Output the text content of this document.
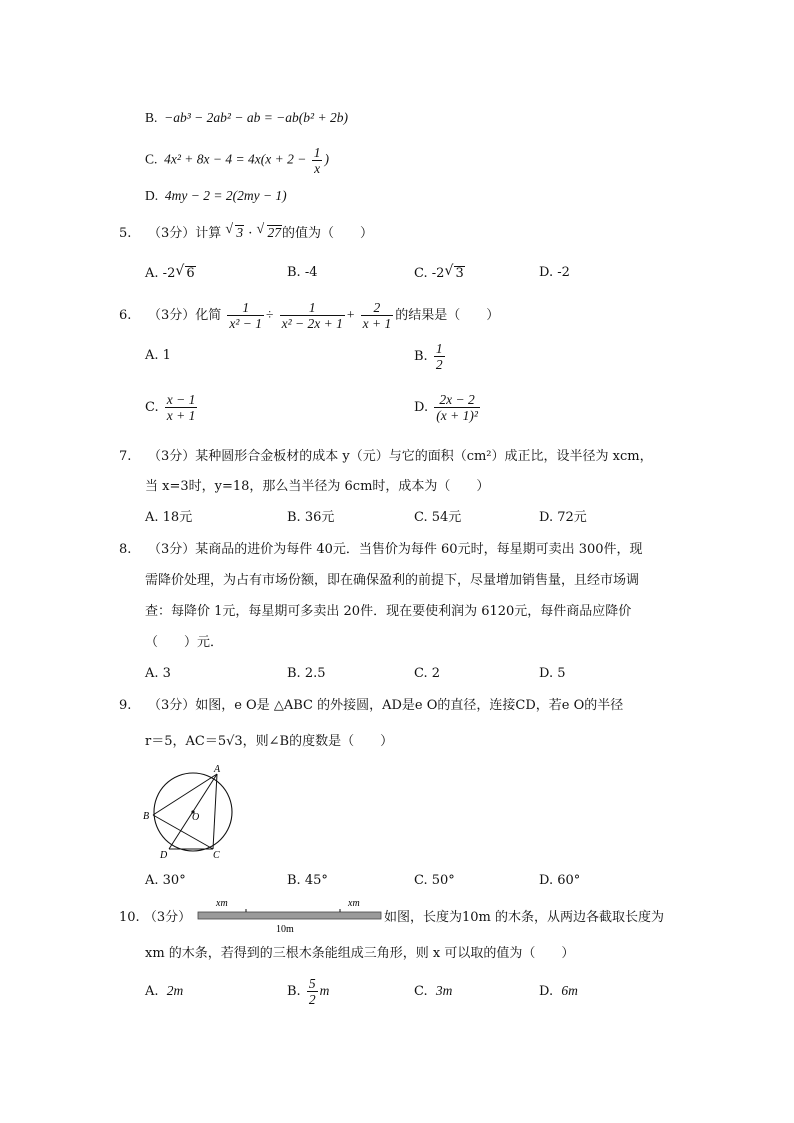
B. −ab³ − 2ab² − ab = −ab(b² + 2b)
C. $4x^2 + 8x - 4 = 4x(x + 2 - \frac{1}{x}$ )
D. 4my − 2 = 2(2my − 1)
5. （3分）计算 √ 3 · √ 27的值为（　　）
A. -2 √ 6	B. -4	C. -2 √ 3	D. -2
6. （3分）化简 $\frac{1}{\text{x² − 1}} \div \frac{1}{\text{x² − 2x + 1}} + \frac{2}{x + 1}$ 的结果是（　　）
A. 1	B. $\frac{1}{2}$
C. $\frac{x - 1}{x + 1}$	D. $\frac{2x - 2}{\text{(x + 1)²}}$
7. （3分）某种圆形合金板材的成本 y（元）与它的面积（cm²）成正比，设半径为 xcm，
当 x=3时，y=18，那么当半径为 6cm时，成本为（　　）
A. 18元	B. 36元	C. 54元	D. 72元
8. （3分）某商品的进价为每件 40元．当售价为每件 60元时，每星期可卖出 300件，现
需降价处理，为占有市场份额，即在确保盈利的前提下，尽量增加销售量，且经市场调
查：每降价 1元，每星期可多卖出 20件．现在要使利润为 6120元，每件商品应降价
（　　）元．
A. 3	B. 2.5	C. 2	D. 5
9. （3分）如图，e O是 △ABC 的外接圆，AD是e O的直径，连接CD，若e O的半径
r＝5，AC＝5√3，则∠B的度数是（　　）
A
B	O
D	C
A. 30°	B. 45°	C. 50°	D. 60°
10. （3分）
xm	xm
10m
如图，长度为10m 的木条，从两边各截取长度为
xm 的木条，若得到的三根木条能组成三角形，则 x 可以取的值为（　　）
A. 2m	B. $\frac{5}{2}$ m	C. 3m	D. 6m
